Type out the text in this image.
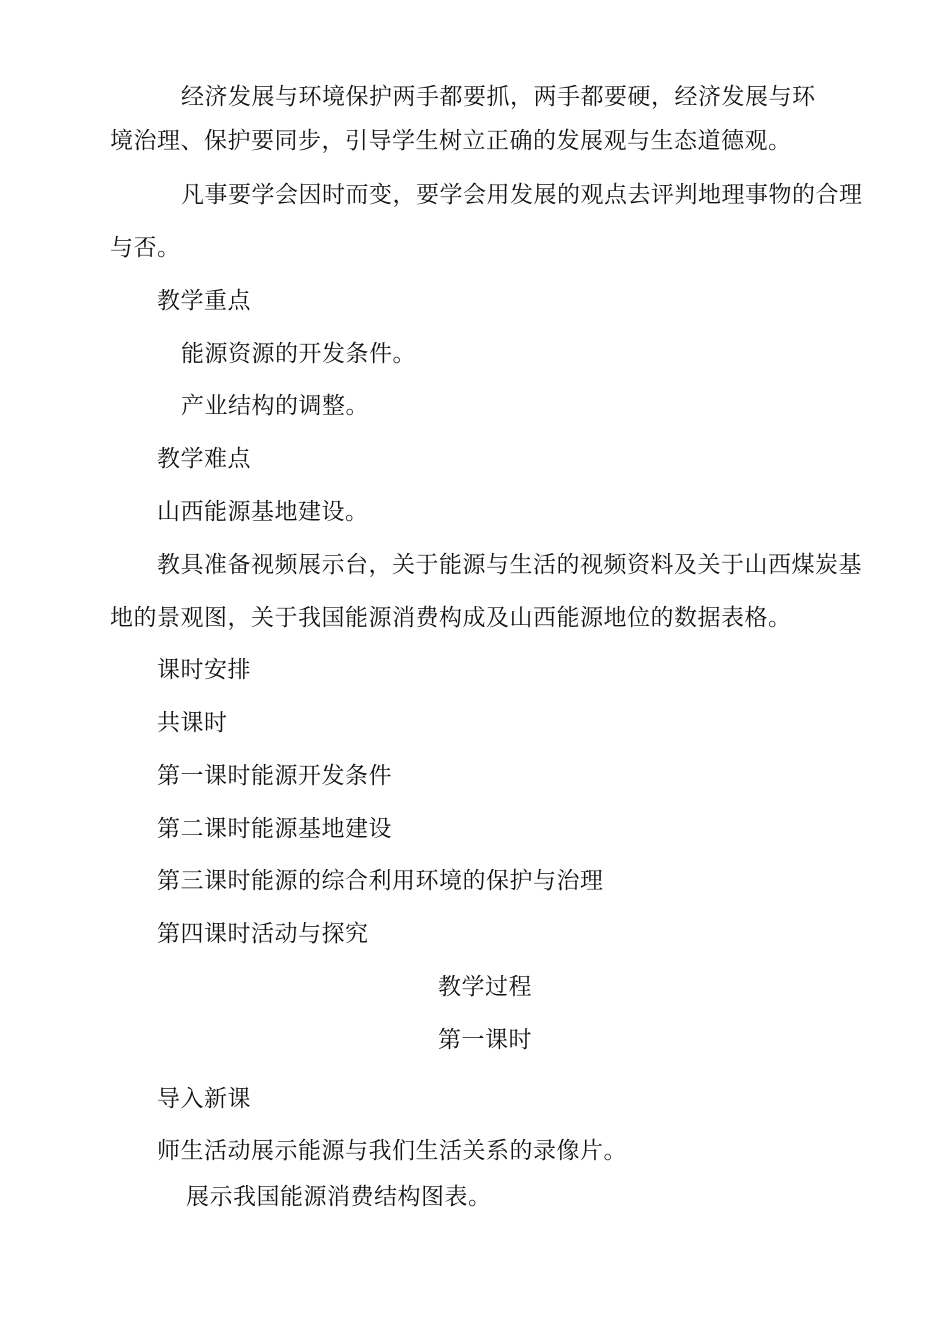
经济发展与环境保护两手都要抓，两手都要硬，经济发展与环
境治理、保护要同步，引导学生树立正确的发展观与生态道德观。
凡事要学会因时而变，要学会用发展的观点去评判地理事物的合理
与否。
教学重点
能源资源的开发条件。
产业结构的调整。
教学难点
山西能源基地建设。
教具准备视频展示台，关于能源与生活的视频资料及关于山西煤炭基
地的景观图，关于我国能源消费构成及山西能源地位的数据表格。
课时安排
共课时
第一课时能源开发条件
第二课时能源基地建设
第三课时能源的综合利用环境的保护与治理
第四课时活动与探究
教学过程
第一课时
导入新课
师生活动展示能源与我们生活关系的录像片。
展示我国能源消费结构图表。
